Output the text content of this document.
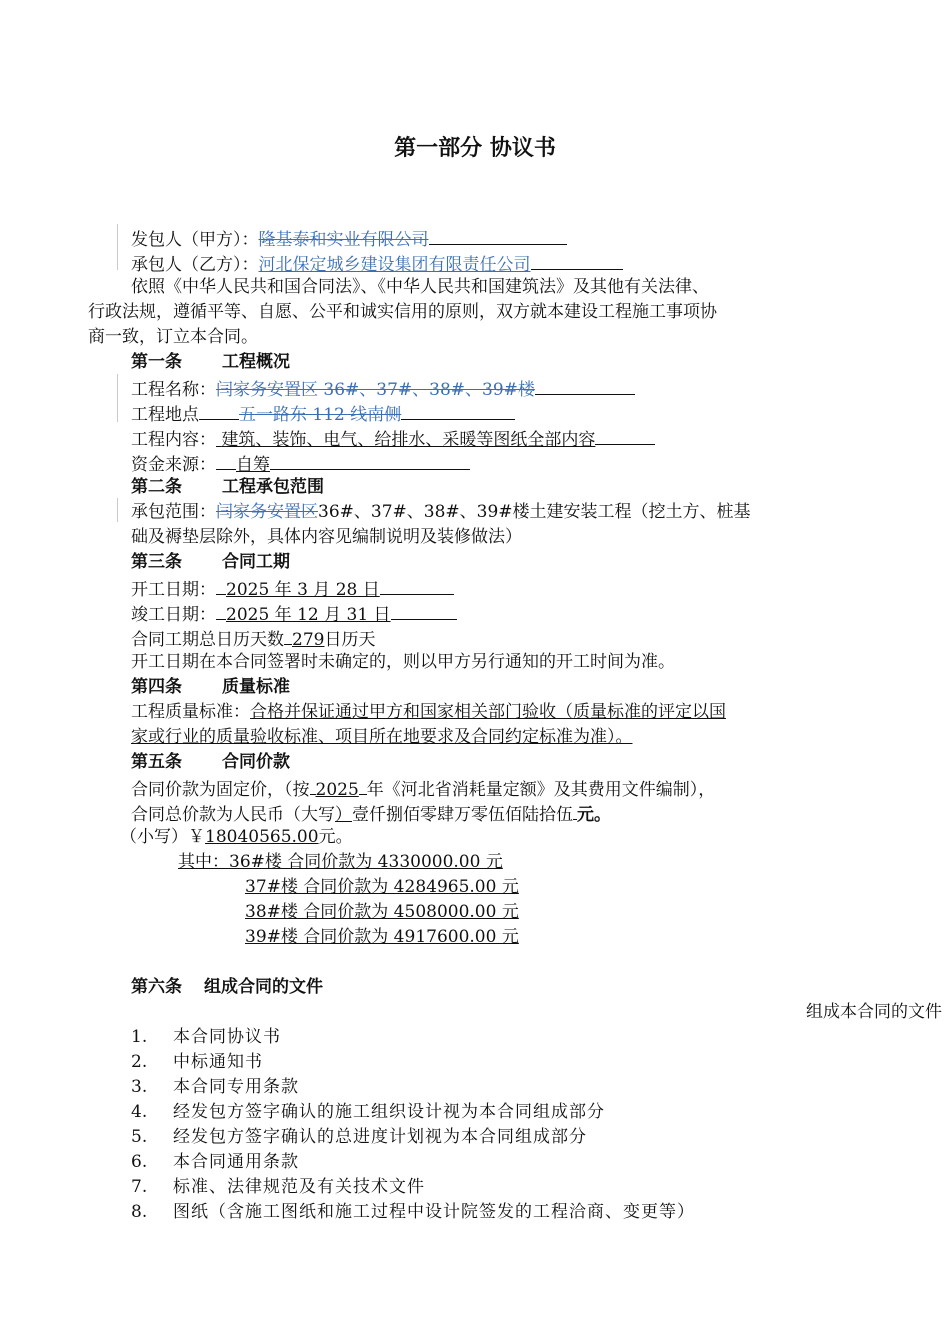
第一部分 协议书
发包人（甲方）：隆基泰和实业有限公司
承包人（乙方）：河北保定城乡建设集团有限责任公司
依照《中华人民共和国合同法》、《中华人民共和国建筑法》及其他有关法律、
行政法规，遵循平等、自愿、公平和诚实信用的原则，双方就本建设工程施工事项协
商一致，订立本合同。
第一条 工程概况
工程名称：闫家务安置区 36#、37#、38#、39#楼
工程地点 五一路东 112 线南侧
工程内容： 建筑、装饰、电气、给排水、采暖等图纸全部内容
资金来源： 自筹
第二条 工程承包范围
承包范围：闫家务安置区36#、37#、38#、39#楼土建安装工程（挖土方、桩基
础及褥垫层除外，具体内容见编制说明及装修做法）
第三条 合同工期
开工日期： 2025 年 3 月 28 日
竣工日期： 2025 年 12 月 31 日
合同工期总日历天数 279日历天
开工日期在本合同签署时未确定的，则以甲方另行通知的开工时间为准。
第四条 质量标准
工程质量标准：合格并保证通过甲方和国家相关部门验收（质量标准的评定以国
家或行业的质量验收标准、项目所在地要求及合同约定标准为准）。
第五条 合同价款
合同价款为固定价，（按 2025 年《河北省消耗量定额》及其费用文件编制），
合同总价款为人民币（大写）壹仟捌佰零肆万零伍佰陆拾伍 元。
（小写）￥18040565.00元。
其中：36#楼 合同价款为 4330000.00 元
37#楼 合同价款为 4284965.00 元
38#楼 合同价款为 4508000.00 元
39#楼 合同价款为 4917600.00 元
第六条 组成合同的文件
组成本合同的文件
1. 本合同协议书
2. 中标通知书
3. 本合同专用条款
4. 经发包方签字确认的施工组织设计视为本合同组成部分
5. 经发包方签字确认的总进度计划视为本合同组成部分
6. 本合同通用条款
7. 标准、法律规范及有关技术文件
8. 图纸（含施工图纸和施工过程中设计院签发的工程洽商、变更等）
